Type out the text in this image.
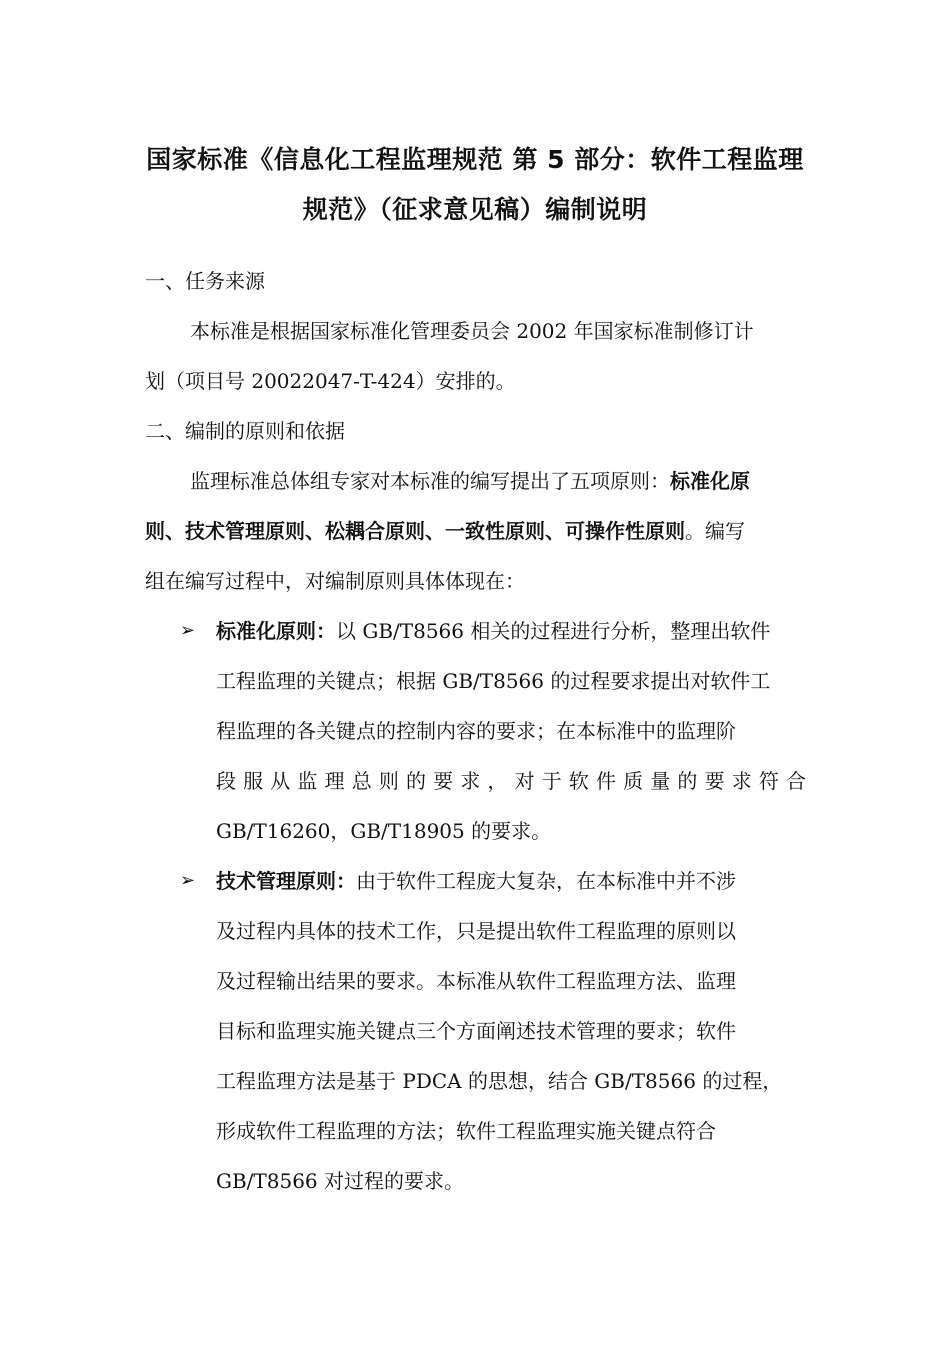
国家标准《信息化工程监理规范 第 5 部分：软件工程监理
规范》（征求意见稿）编制说明
一、任务来源
本标准是根据国家标准化管理委员会 2002 年国家标准制修订计
划（项目号 20022047-T-424）安排的。
二、编制的原则和依据
监理标准总体组专家对本标准的编写提出了五项原则：标准化原
则、技术管理原则、松耦合原则、一致性原则、可操作性原则。编写
组在编写过程中，对编制原则具体体现在：
➢ 标准化原则：以 GB/T8566 相关的过程进行分析，整理出软件
工程监理的关键点；根据 GB/T8566 的过程要求提出对软件工
程监理的各关键点的控制内容的要求；在本标准中的监理阶
段服从监理总则的要求，对于软件质量的要求符合
GB/T16260，GB/T18905 的要求。
➢ 技术管理原则：由于软件工程庞大复杂，在本标准中并不涉
及过程内具体的技术工作，只是提出软件工程监理的原则以
及过程输出结果的要求。本标准从软件工程监理方法、监理
目标和监理实施关键点三个方面阐述技术管理的要求；软件
工程监理方法是基于 PDCA 的思想，结合 GB/T8566 的过程，
形成软件工程监理的方法；软件工程监理实施关键点符合
GB/T8566 对过程的要求。
